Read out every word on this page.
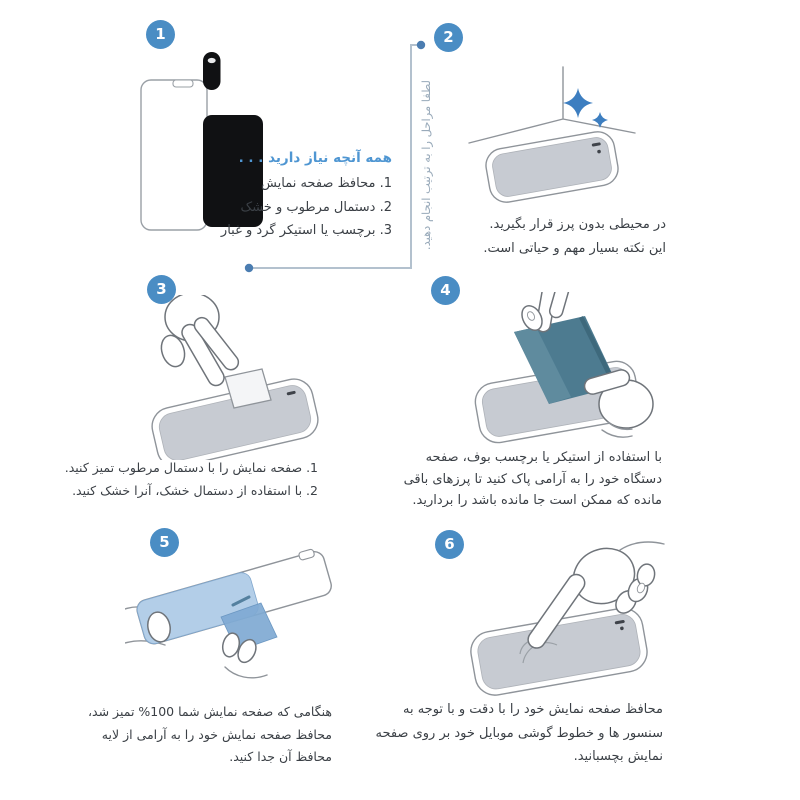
لطفا مراحل را به ترتیب انجام دهید.
1
همه آنچه نیاز دارید . . .
1. محافظ صفحه نمایش
2. دستمال مرطوب و خشک
3. برچسب یا استیکر گرد و غبار
2
در محیطی بدون پرز قرار بگیرید.
این نکته بسیار مهم و حیاتی است.
3
1. صفحه نمایش را با دستمال مرطوب تمیز کنید.
2. با استفاده از دستمال خشک، آنرا خشک کنید.
4
با استفاده از استیکر یا برچسب بوف، صفحه
دستگاه خود را به آرامی پاک کنید تا پرزهای باقی
مانده که ممکن است جا مانده باشد را بردارید.
5
هنگامی که صفحه نمایش شما 100% تمیز شد،
محافظ صفحه نمایش خود را به آرامی از لایه
محافظ آن جدا کنید.
6
محافظ صفحه نمایش خود را با دقت و با توجه به
سنسور ها و خطوط گوشی موبایل خود بر روی صفحه
نمایش بچسبانید.
